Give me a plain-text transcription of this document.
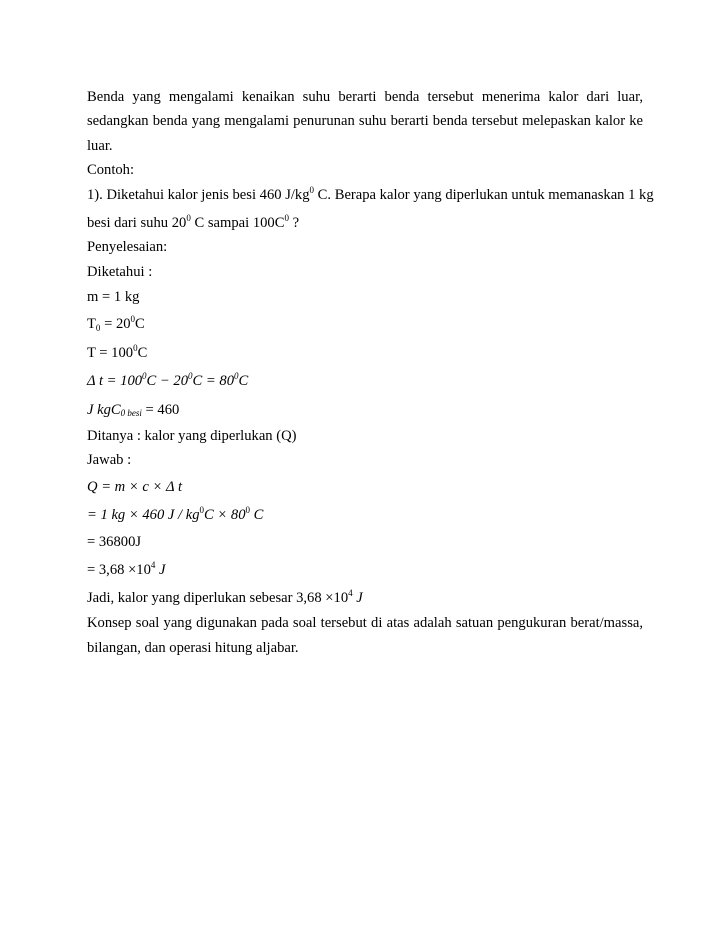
Benda yang mengalami kenaikan suhu berarti benda tersebut menerima kalor dari luar,
sedangkan benda yang mengalami penurunan suhu berarti benda tersebut melepaskan kalor ke
luar.
Contoh:
1). Diketahui kalor jenis besi 460 $J/kg^0$ C. Berapa kalor yang diperlukan untuk memanaskan 1 kg
besi dari suhu $20^0$ C sampai $100C^0$ ?
Penyelesaian:
Diketahui :
m = 1 kg
$T_0 = 20^0C$
$T = 100^0C$
Δ $t = 100^0C - 20^0C = 80^0C$
J kgC0 besi = 460
Ditanya : kalor yang diperlukan (Q)
Jawab :
Q = m × c × Δ t
= 1 kg × 460 $J / kg^0C \times 80^0$ C
= 36800J
= $3,68 \times 10^4$ J
Jadi, kalor yang diperlukan sebesar $3,68 \times 10^4$ J
Konsep soal yang digunakan pada soal tersebut di atas adalah satuan pengukuran berat/massa,
bilangan, dan operasi hitung aljabar.
